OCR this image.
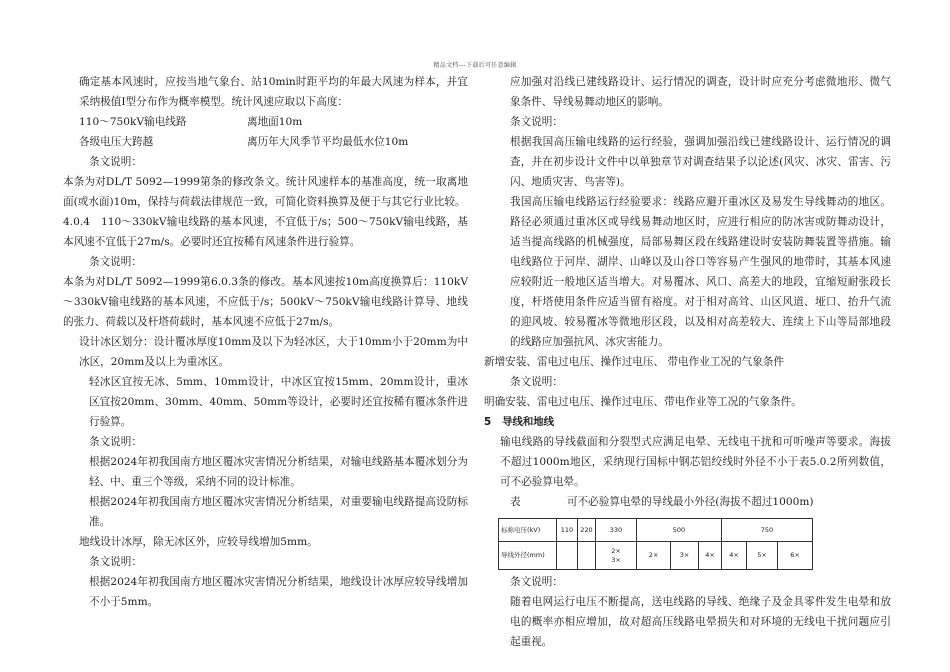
精品文档---下载后可任意编辑

确定基本风速时，应按当地气象台、站10min时距平均的年最大风速为样本，并宜采纳极值Ⅰ型分布作为概率模型。统计风速应取以下高度：

110～750kV输电线路	离地面10m
各级电压大跨越	离历年大风季节平均最低水位10m

条文说明：

本条为对DL/T 5092—1999第条的修改条文。统计风速样本的基准高度，统一取离地面(或水面)10m，保持与荷载法律规范一致，可简化资料换算及便于与其它行业比较。

4.0.4　110～330kV输电线路的基本风速，不宜低于/s；500～750kV输电线路，基本风速不宜低于27m/s。必要时还宜按稀有风速条件进行验算。

条文说明：

本条为对DL/T 5092—1999第6.0.3条的修改。基本风速按10m高度换算后：110kV～330kV输电线路的基本风速，不应低于/s；500kV～750kV输电线路计算导、地线的张力、荷载以及杆塔荷载时，基本风速不应低于27m/s。

设计冰区划分：设计覆冰厚度10mm及以下为轻冰区，大于10mm小于20mm为中冰区，20mm及以上为重冰区。

轻冰区宜按无冰、5mm、10mm设计，中冰区宜按15mm、20mm设计，重冰区宜按20mm、30mm、40mm、50mm等设计，必要时还宜按稀有覆冰条件进行验算。

条文说明：

根据2024年初我国南方地区覆冰灾害情况分析结果，对输电线路基本覆冰划分为轻、中、重三个等级，采纳不同的设计标准。

根据2024年初我国南方地区覆冰灾害情况分析结果，对重要输电线路提高设防标准。

地线设计冰厚，除无冰区外，应较导线增加5mm。

条文说明：

根据2024年初我国南方地区覆冰灾害情况分析结果，地线设计冰厚应较导线增加不小于5mm。

应加强对沿线已建线路设计、运行情况的调查，设计时应充分考虑微地形、微气象条件、导线易舞动地区的影响。

条文说明：

根据我国高压输电线路的运行经验，强调加强沿线已建线路设计、运行情况的调查，并在初步设计文件中以单独章节对调查结果予以论述(风灾、冰灾、雷害、污闪、地质灾害、鸟害等)。

我国高压输电线路运行经验要求：线路应避开重冰区及易发生导线舞动的地区。路径必须通过重冰区或导线易舞动地区时，应进行相应的防冰害或防舞动设计，适当提高线路的机械强度，局部易舞区段在线路建设时安装防舞装置等措施。输电线路位于河岸、湖岸、山峰以及山谷口等容易产生强风的地带时，其基本风速应较附近一般地区适当增大。对易覆冰、风口、高差大的地段，宜缩短耐张段长度，杆塔使用条件应适当留有裕度。对于相对高耸、山区风道、垭口、抬升气流的迎风坡、较易覆冰等微地形区段，以及相对高差较大、连续上下山等局部地段的线路应加强抗风、冰灾害能力。

新增安装、雷电过电压、操作过电压、 带电作业工况的气象条件

条文说明：

明确安装、雷电过电压、操作过电压、带电作业等工况的气象条件。

5 导线和地线

输电线路的导线截面和分裂型式应满足电晕、无线电干扰和可听噪声等要求。海拔不超过1000m地区，采纳现行国标中钢芯铝绞线时外径不小于表5.0.2所列数值，可不必验算电晕。

表	可不必验算电晕的导线最小外径(海拔不超过1000m)
标称电压(kV)	110	220	330	500			750		
导线外径(mm)			2×
3×	2×	3×	4×	4×	5×	6×

条文说明：

随着电网运行电压不断提高，送电线路的导线、绝缘子及金具零件发生电晕和放电的概率亦相应增加，故对超高压线路电晕损失和对环境的无线电干扰问题应引起重视。
